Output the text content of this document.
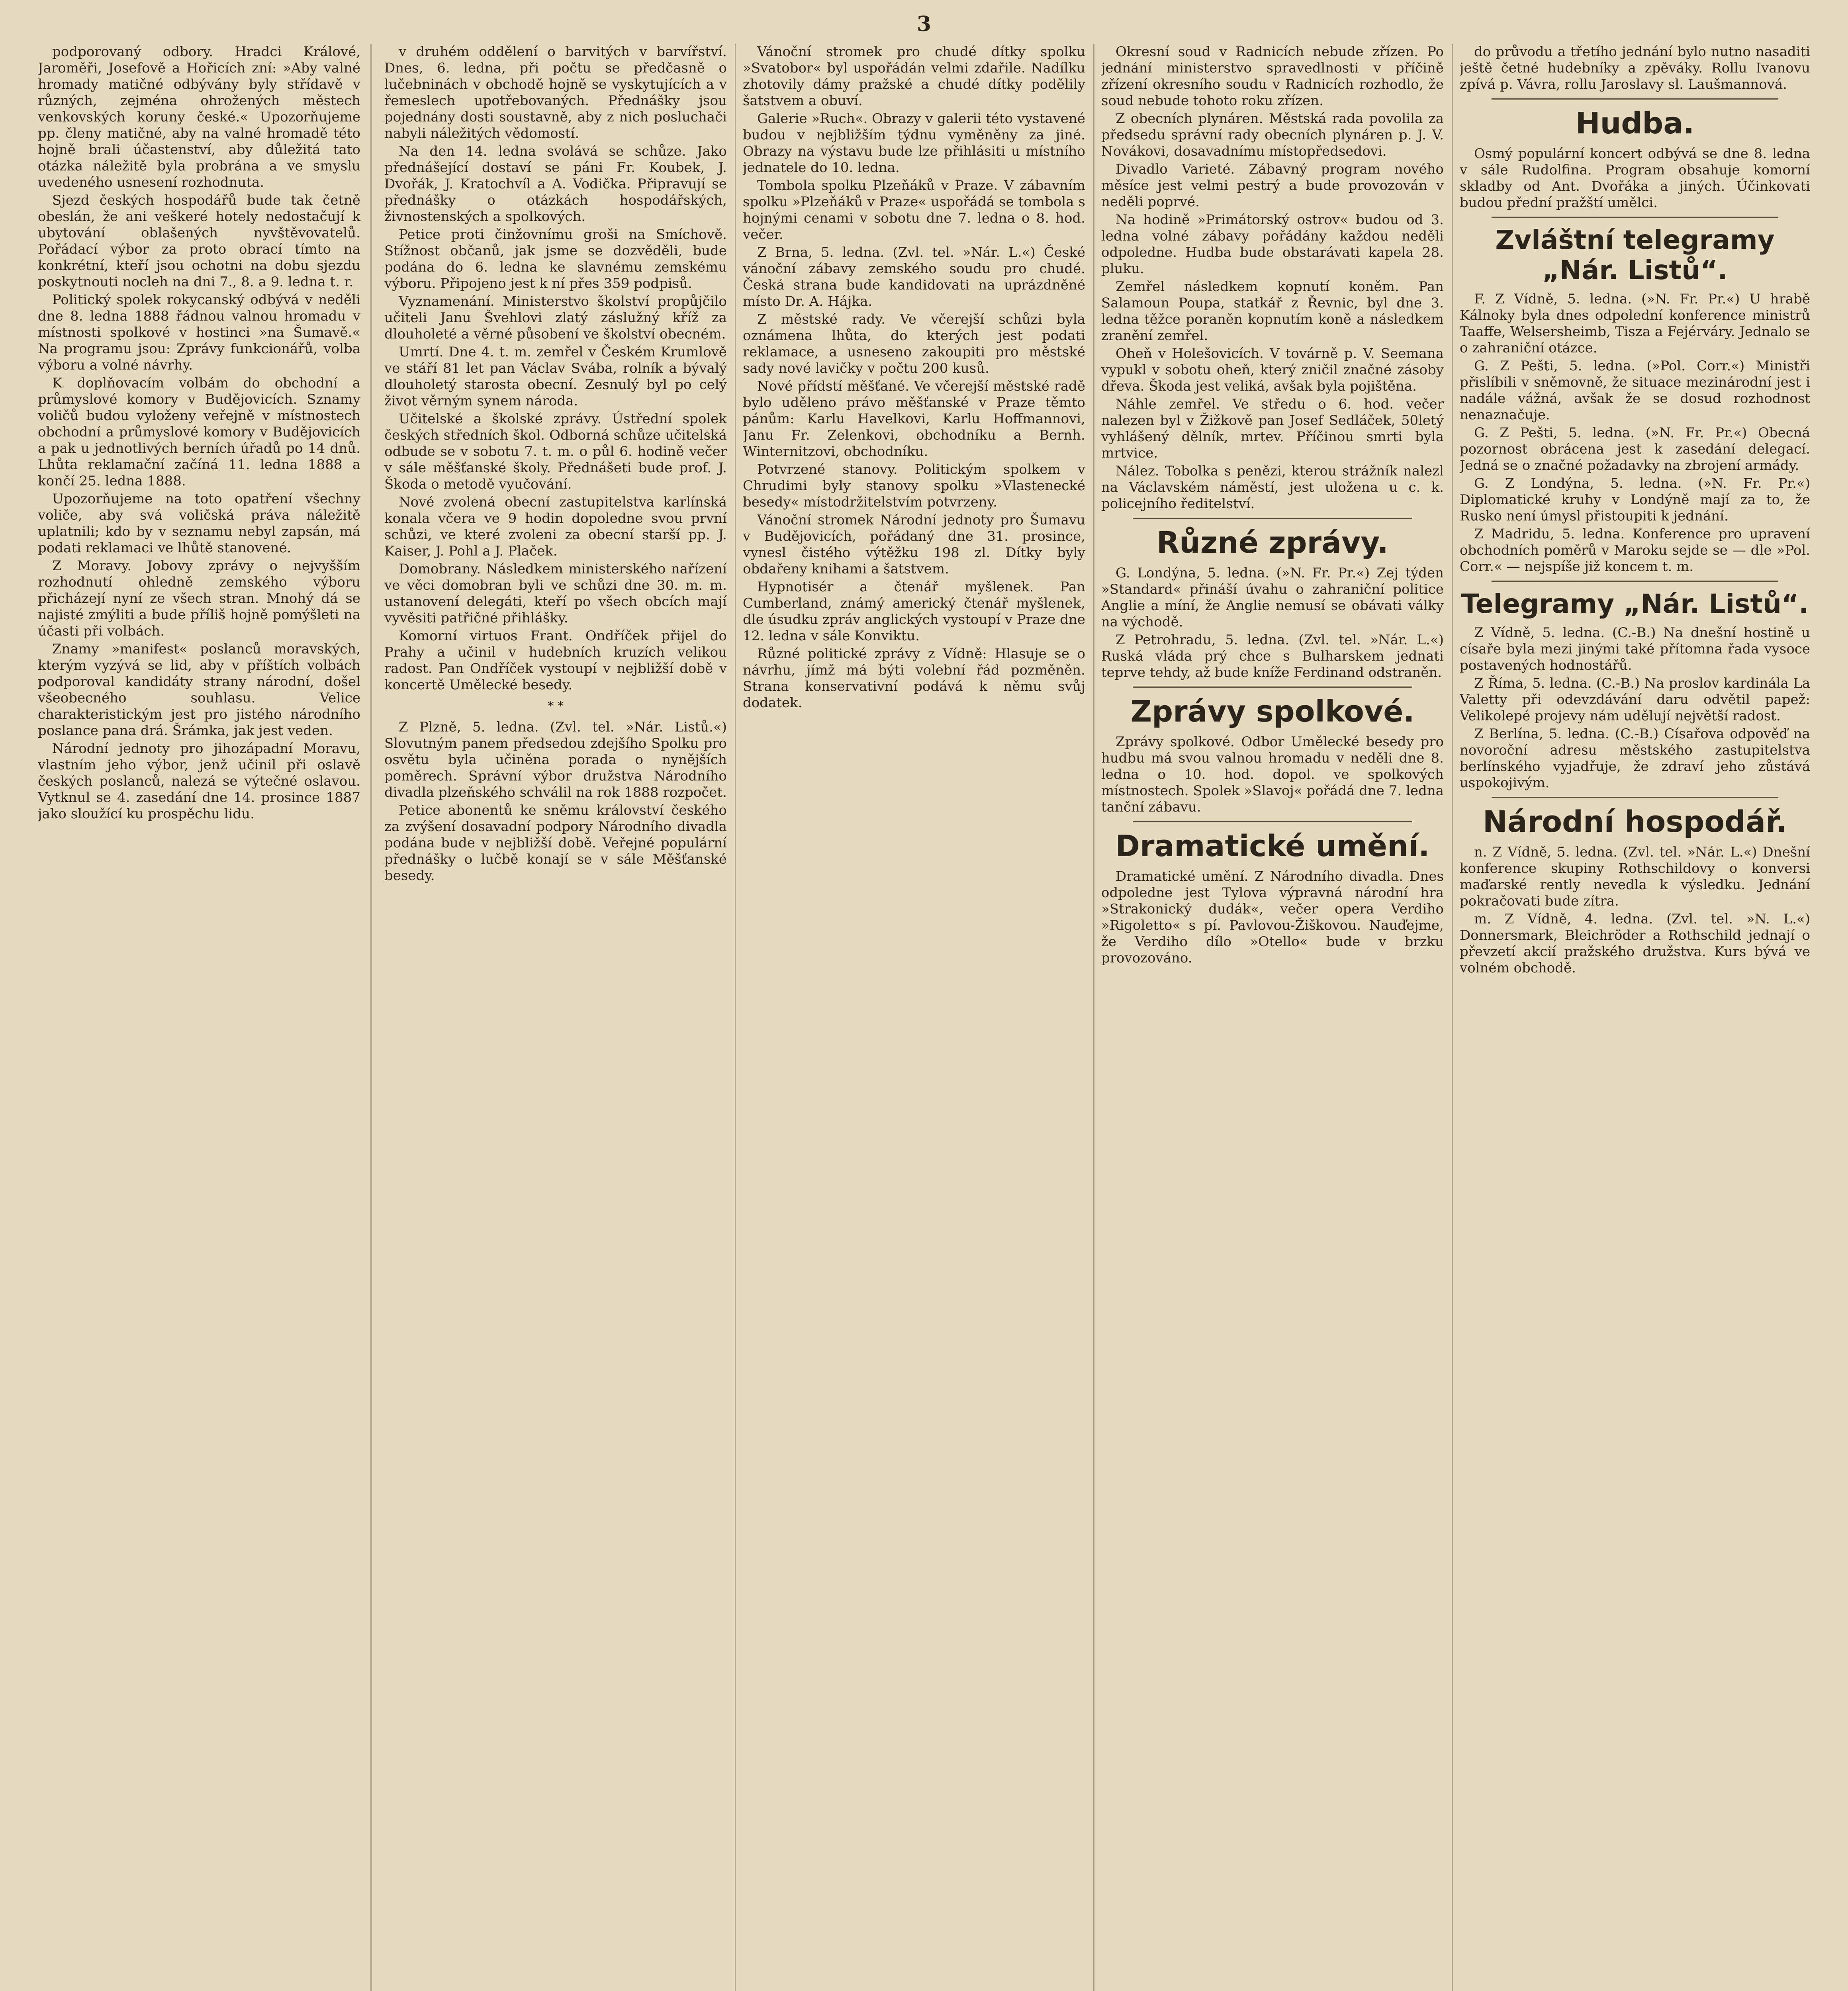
3
podporovaný odbory. Hradci Králové, Jaroměři, Josefově a Hořicích zní: »Aby valné hromady matičné odbývány byly střídavě v různých, zejména ohrožených městech venkovských koruny české.« Upozorňujeme pp. členy matičné, aby na valné hromadě této hojně brali účastenství, aby důležitá tato otázka náležitě byla probrána a ve smyslu uvedeného usnesení rozhodnuta.
Sjezd českých hospodářů bude tak četně obeslán, že ani veškeré hotely nedostačují k ubytování oblašených nyvštěvovatelů. Pořádací výbor za proto obrací tímto na konkrétní, kteří jsou ochotni na dobu sjezdu poskytnouti nocleh na dni 7., 8. a 9. ledna t. r.
Politický spolek rokycanský odbývá v neděli dne 8. ledna 1888 řádnou valnou hromadu v místnosti spolkové v hostinci »na Šumavě.« Na programu jsou: Zprávy funkcionářů, volba výboru a volné návrhy.
K doplňovacím volbám do obchodní a průmyslové komory v Budějovicích. Sznamy voličů budou vyloženy veřejně v místnostech obchodní a průmyslové komory v Budějovicích a pak u jednotlivých berních úřadů po 14 dnů. Lhůta reklamační začíná 11. ledna 1888 a končí 25. ledna 1888.
Upozorňujeme na toto opatření všechny voliče, aby svá voličská práva náležitě uplatnili; kdo by v seznamu nebyl zapsán, má podati reklamaci ve lhůtě stanovené.
Z Moravy. Jobovy zprávy o nejvyšším rozhodnutí ohledně zemského výboru přicházejí nyní ze všech stran. Mnohý dá se najisté zmýliti a bude příliš hojně pomýšleti na účasti při volbách.
Znamy »manifest« poslanců moravských, kterým vyzývá se lid, aby v příštích volbách podporoval kandidáty strany národní, došel všeobecného souhlasu. Velice charakteristickým jest pro jistého národního poslance pana drá. Šrámka, jak jest veden.
Národní jednoty pro jihozápadní Moravu, vlastním jeho výbor, jenž učinil při oslavě českých poslanců, nalezá se výtečné oslavou. Vytknul se 4. zasedání dne 14. prosince 1887 jako sloužící ku prospěchu lidu.
v druhém oddělení o barvitých v barvířství. Dnes, 6. ledna, při počtu se předčasně o lučebninách v obchodě hojně se vyskytujících a v řemeslech upotřebovaných. Přednášky jsou pojednány dosti soustavně, aby z nich posluchači nabyli náležitých vědomostí.
Na den 14. ledna svolává se schůze. Jako přednášející dostaví se páni Fr. Koubek, J. Dvořák, J. Kratochvíl a A. Vodička. Připravují se přednášky o otázkách hospodářských, živnostenských a spolkových.
Petice proti činžovnímu groši na Smíchově. Stížnost občanů, jak jsme se dozvěděli, bude podána do 6. ledna ke slavnému zemskému výboru. Připojeno jest k ní přes 359 podpisů.
Vyznamenání. Ministerstvo školství propůjčilo učiteli Janu Švehlovi zlatý záslužný kříž za dlouholeté a věrné působení ve školství obecném.
Umrtí. Dne 4. t. m. zemřel v Českém Krumlově ve stáří 81 let pan Václav Svába, rolník a bývalý dlouholetý starosta obecní. Zesnulý byl po celý život věrným synem národa.
Učitelské a školské zprávy. Ústřední spolek českých středních škol. Odborná schůze učitelská odbude se v sobotu 7. t. m. o půl 6. hodině večer v sále měšťanské školy. Přednášeti bude prof. J. Škoda o metodě vyučování.
Nové zvolená obecní zastupitelstva karlínská konala včera ve 9 hodin dopoledne svou první schůzi, ve které zvoleni za obecní starší pp. J. Kaiser, J. Pohl a J. Plaček.
Domobrany. Následkem ministerského nařízení ve věci domobran byli ve schůzi dne 30. m. m. ustanovení delegáti, kteří po všech obcích mají vyvěsiti patřičné přihlášky.
Komorní virtuos Frant. Ondříček přijel do Prahy a učinil v hudebních kruzích velikou radost. Pan Ondříček vystoupí v nejbližší době v koncertě Umělecké besedy.
* *
Z Plzně, 5. ledna. (Zvl. tel. »Nár. Listů.«) Slovutným panem předsedou zdejšího Spolku pro osvětu byla učiněna porada o nynějších poměrech. Správní výbor družstva Národního divadla plzeňského schválil na rok 1888 rozpočet.
Petice abonentů ke sněmu království českého za zvýšení dosavadní podpory Národního divadla podána bude v nejbližší době. Veřejné populární přednášky o lučbě konají se v sále Měšťanské besedy.
Vánoční stromek pro chudé dítky spolku »Svatobor« byl uspořádán velmi zdařile. Nadílku zhotovily dámy pražské a chudé dítky podělily šatstvem a obuví.
Galerie »Ruch«. Obrazy v galerii této vystavené budou v nejbližším týdnu vyměněny za jiné. Obrazy na výstavu bude lze přihlásiti u místního jednatele do 10. ledna.
Tombola spolku Plzeňáků v Praze. V zábavním spolku »Plzeňáků v Praze« uspořádá se tombola s hojnými cenami v sobotu dne 7. ledna o 8. hod. večer.
Z Brna, 5. ledna. (Zvl. tel. »Nár. L.«) České vánoční zábavy zemského soudu pro chudé. Česká strana bude kandidovati na uprázdněné místo Dr. A. Hájka.
Z městské rady. Ve včerejší schůzi byla oznámena lhůta, do kterých jest podati reklamace, a usneseno zakoupiti pro městské sady nové lavičky v počtu 200 kusů.
Nové přídstí měšťané. Ve včerejší městské radě bylo uděleno právo měšťanské v Praze těmto pánům: Karlu Havelkovi, Karlu Hoffmannovi, Janu Fr. Zelenkovi, obchodníku a Bernh. Winternitzovi, obchodníku.
Potvrzené stanovy. Politickým spolkem v Chrudimi byly stanovy spolku »Vlastenecké besedy« místodržitelstvím potvrzeny.
Vánoční stromek Národní jednoty pro Šumavu v Budějovicích, pořádaný dne 31. prosince, vynesl čistého výtěžku 198 zl. Dítky byly obdařeny knihami a šatstvem.
Hypnotisér a čtenář myšlenek. Pan Cumberland, známý americký čtenář myšlenek, dle úsudku zpráv anglických vystoupí v Praze dne 12. ledna v sále Konviktu.
Různé politické zprávy z Vídně: Hlasuje se o návrhu, jímž má býti volební řád pozměněn. Strana konservativní podává k němu svůj dodatek.
Okresní soud v Radnicích nebude zřízen. Po jednání ministerstvo spravedlnosti v příčině zřízení okresního soudu v Radnicích rozhodlo, že soud nebude tohoto roku zřízen.
Z obecních plynáren. Městská rada povolila za předsedu správní rady obecních plynáren p. J. V. Novákovi, dosavadnímu místopředsedovi.
Divadlo Varieté. Zábavný program nového měsíce jest velmi pestrý a bude provozován v neděli poprvé.
Na hodině »Primátorský ostrov« budou od 3. ledna volné zábavy pořádány každou neděli odpoledne. Hudba bude obstarávati kapela 28. pluku.
Zemřel následkem kopnutí koněm. Pan Salamoun Poupa, statkář z Řevnic, byl dne 3. ledna těžce poraněn kopnutím koně a následkem zranění zemřel.
Oheň v Holešovicích. V továrně p. V. Seemana vypukl v sobotu oheň, který zničil značné zásoby dřeva. Škoda jest veliká, avšak byla pojištěna.
Náhle zemřel. Ve středu o 6. hod. večer nalezen byl v Žižkově pan Josef Sedláček, 50letý vyhlášený dělník, mrtev. Příčinou smrti byla mrtvice.
Nález. Tobolka s penězi, kterou strážník nalezl na Václavském náměstí, jest uložena u c. k. policejního ředitelství.
Různé zprávy.
G. Londýna, 5. ledna. (»N. Fr. Pr.«) Zej týden »Standard« přináší úvahu o zahraniční politice Anglie a míní, že Anglie nemusí se obávati války na východě.
Z Petrohradu, 5. ledna. (Zvl. tel. »Nár. L.«) Ruská vláda prý chce s Bulharskem jednati teprve tehdy, až bude kníže Ferdinand odstraněn.
Zprávy spolkové.
Zprávy spolkové. Odbor Umělecké besedy pro hudbu má svou valnou hromadu v neděli dne 8. ledna o 10. hod. dopol. ve spolkových místnostech. Spolek »Slavoj« pořádá dne 7. ledna tanční zábavu.
Dramatické umění.
Dramatické umění. Z Národního divadla. Dnes odpoledne jest Tylova výpravná národní hra »Strakonický dudák«, večer opera Verdiho »Rigoletto« s pí. Pavlovou-Žiškovou. Nauďejme, že Verdiho dílo »Otello« bude v brzku provozováno.
do průvodu a třetího jednání bylo nutno nasaditi ještě četné hudebníky a zpěváky. Rollu Ivanovu zpívá p. Vávra, rollu Jaroslavy sl. Laušmannová.
Hudba.
Osmý populární koncert odbývá se dne 8. ledna v sále Rudolfina. Program obsahuje komorní skladby od Ant. Dvořáka a jiných. Účinkovati budou přední pražští umělci.
Zvláštní telegramy „Nár. Listů“.
F. Z Vídně, 5. ledna. (»N. Fr. Pr.«) U hrabě Kálnoky byla dnes odpolední konference ministrů Taaffe, Welsersheimb, Tisza a Fejérváry. Jednalo se o zahraniční otázce.
G. Z Pešti, 5. ledna. (»Pol. Corr.«) Ministři přislíbili v sněmovně, že situace mezinárodní jest i nadále vážná, avšak že se dosud rozhodnost nenaznačuje.
G. Z Pešti, 5. ledna. (»N. Fr. Pr.«) Obecná pozornost obrácena jest k zasedání delegací. Jedná se o značné požadavky na zbrojení armády.
G. Z Londýna, 5. ledna. (»N. Fr. Pr.«) Diplomatické kruhy v Londýně mají za to, že Rusko není úmysl přistoupiti k jednání.
Z Madridu, 5. ledna. Konference pro upravení obchodních poměrů v Maroku sejde se — dle »Pol. Corr.« — nejspíše již koncem t. m.
Telegramy „Nár. Listů“.
Z Vídně, 5. ledna. (C.-B.) Na dnešní hostině u císaře byla mezi jinými také přítomna řada vysoce postavených hodnostářů.
Z Říma, 5. ledna. (C.-B.) Na proslov kardinála La Valetty při odevzdávání daru odvětil papež: Velikolepé projevy nám udělují největší radost.
Z Berlína, 5. ledna. (C.-B.) Císařova odpověď na novoroční adresu městského zastupitelstva berlínského vyjadřuje, že zdraví jeho zůstává uspokojivým.
Národní hospodář.
n. Z Vídně, 5. ledna. (Zvl. tel. »Nár. L.«) Dnešní konference skupiny Rothschildovy o konversi maďarské rently nevedla k výsledku. Jednání pokračovati bude zítra.
m. Z Vídně, 4. ledna. (Zvl. tel. »N. L.«) Donnersmark, Bleichröder a Rothschild jednají o převzetí akcií pražského družstva. Kurs bývá ve volném obchodě.
